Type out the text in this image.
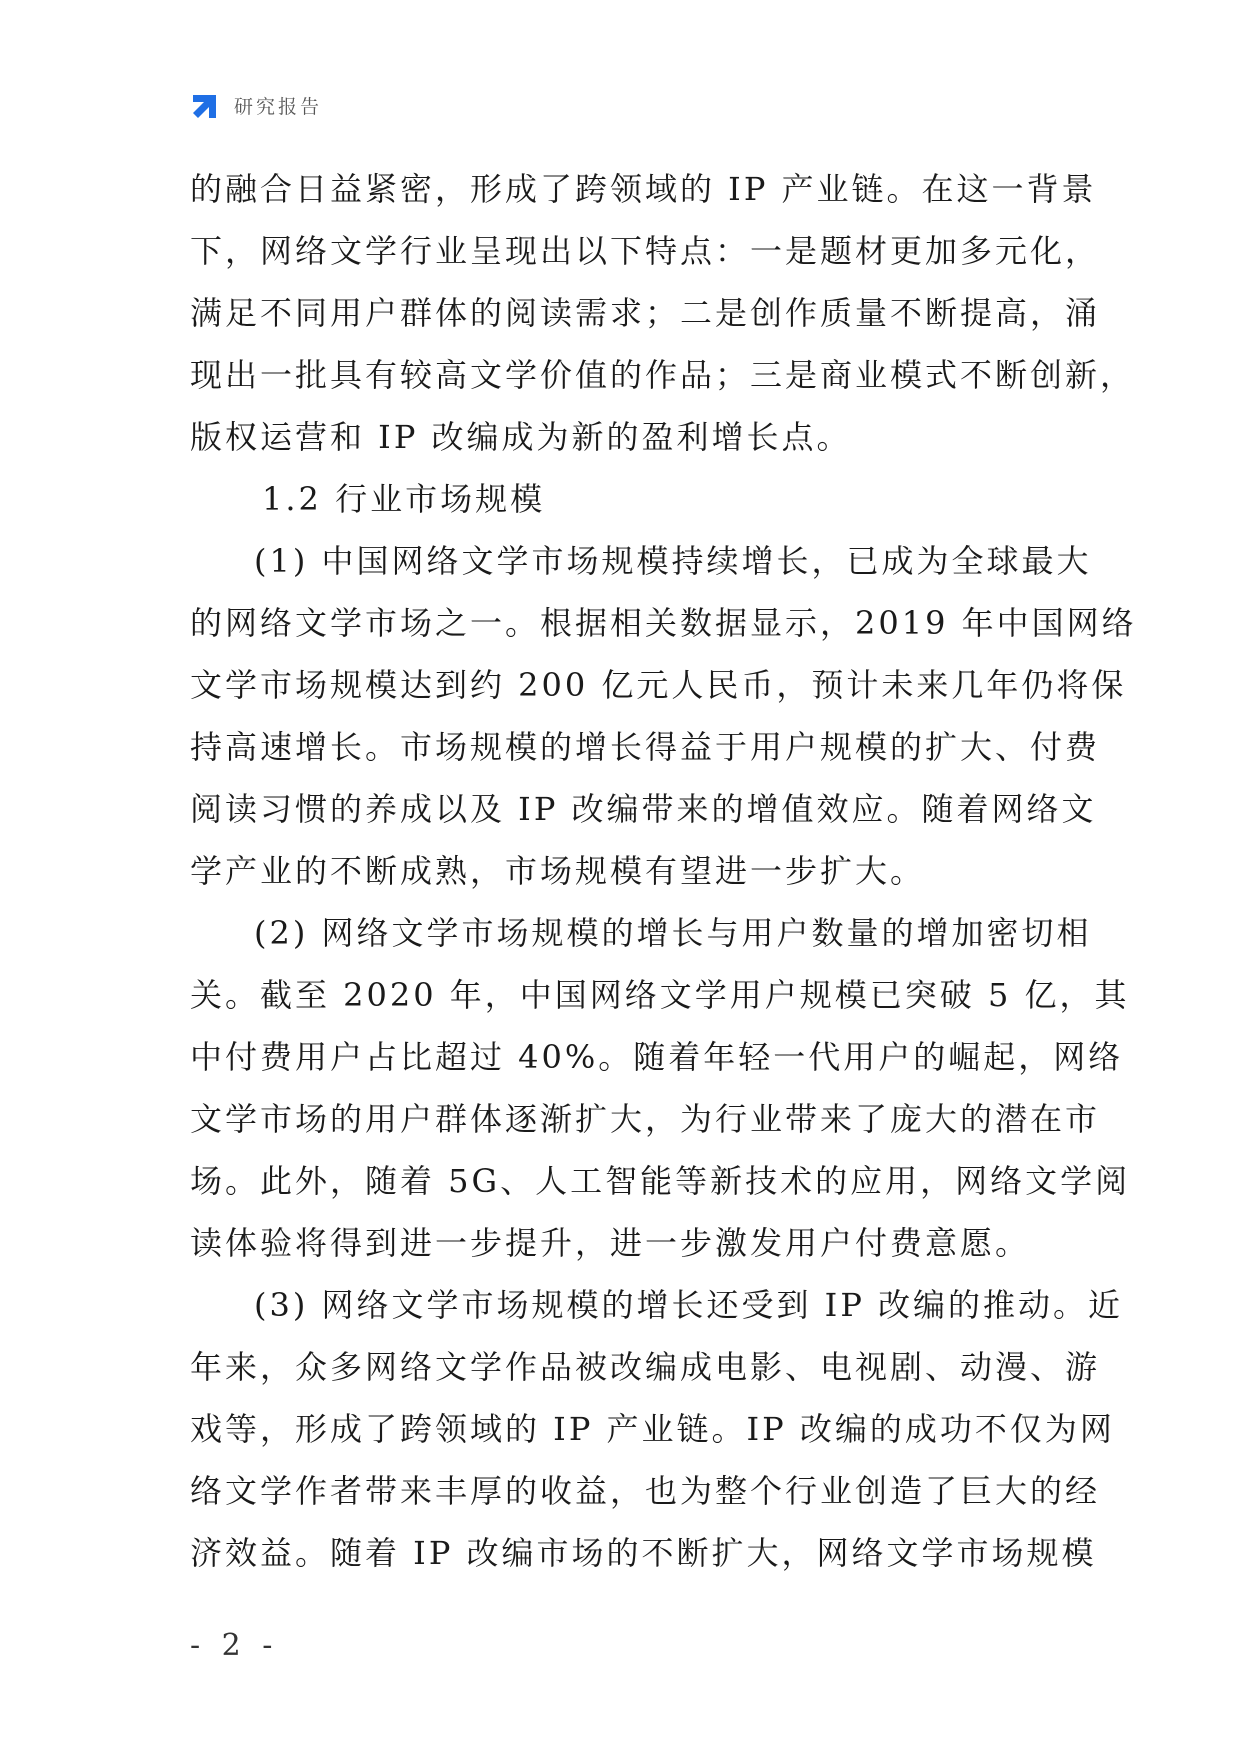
研究报告
的融合日益紧密，形成了跨领域的 IP 产业链。在这一背景
下，网络文学行业呈现出以下特点：一是题材更加多元化，
满足不同用户群体的阅读需求；二是创作质量不断提高，涌
现出一批具有较高文学价值的作品；三是商业模式不断创新，
版权运营和 IP 改编成为新的盈利增长点。
1.2 行业市场规模
(1) 中国网络文学市场规模持续增长，已成为全球最大
的网络文学市场之一。根据相关数据显示，2019 年中国网络
文学市场规模达到约 200 亿元人民币，预计未来几年仍将保
持高速增长。市场规模的增长得益于用户规模的扩大、付费
阅读习惯的养成以及 IP 改编带来的增值效应。随着网络文
学产业的不断成熟，市场规模有望进一步扩大。
(2) 网络文学市场规模的增长与用户数量的增加密切相
关。截至 2020 年，中国网络文学用户规模已突破 5 亿，其
中付费用户占比超过 40%。随着年轻一代用户的崛起，网络
文学市场的用户群体逐渐扩大，为行业带来了庞大的潜在市
场。此外，随着 5G、人工智能等新技术的应用，网络文学阅
读体验将得到进一步提升，进一步激发用户付费意愿。
(3) 网络文学市场规模的增长还受到 IP 改编的推动。近
年来，众多网络文学作品被改编成电影、电视剧、动漫、游
戏等，形成了跨领域的 IP 产业链。IP 改编的成功不仅为网
络文学作者带来丰厚的收益，也为整个行业创造了巨大的经
济效益。随着 IP 改编市场的不断扩大，网络文学市场规模
- 2 -
